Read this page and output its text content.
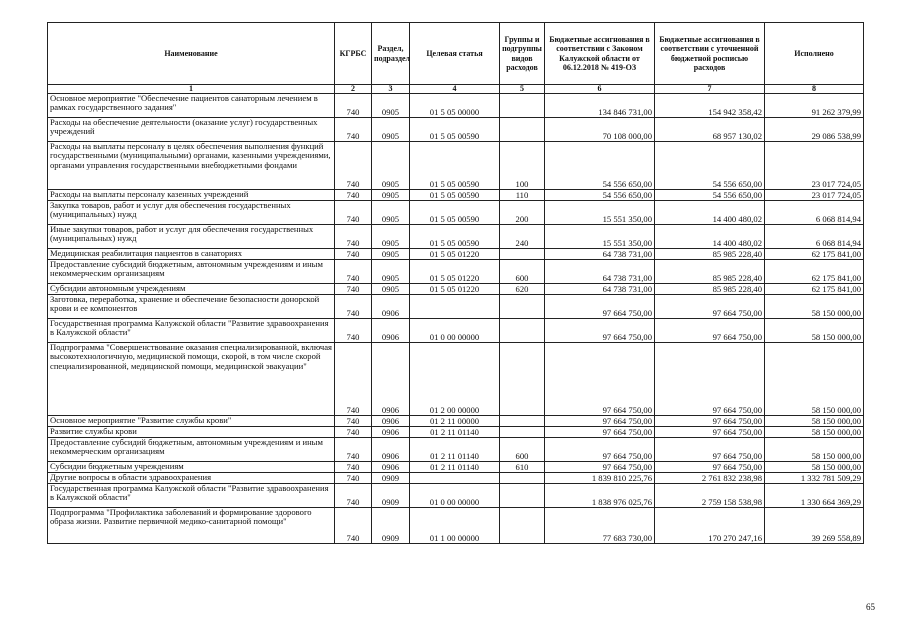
Наименование	КГРБС	Раздел, подраздел	Целевая статья	Группы и подгруппы видов расходов	Бюджетные ассигнования в соответствии с Законом Калужской области от 06.12.2018 № 419-ОЗ	Бюджетные ассигнования в соответствии с уточненной бюджетной росписью расходов	Исполнено
1	2	3	4	5	6	7	8
Основное мероприятие "Обеспечение пациентов санаторным лечением в рамках государственного задания"	740	0905	01 5 05 00000		134 846 731,00	154 942 358,42	91 262 379,99
Расходы на обеспечение деятельности (оказание услуг) государственных учреждений	740	0905	01 5 05 00590		70 108 000,00	68 957 130,02	29 086 538,99
Расходы на выплаты персоналу в целях обеспечения выполнения функций государственными (муниципальными) органами, казенными учреждениями, органами управления государственными внебюджетными фондами	740	0905	01 5 05 00590	100	54 556 650,00	54 556 650,00	23 017 724,05
Расходы на выплаты персоналу казенных учреждений	740	0905	01 5 05 00590	110	54 556 650,00	54 556 650,00	23 017 724,05
Закупка товаров, работ и услуг для обеспечения государственных (муниципальных) нужд	740	0905	01 5 05 00590	200	15 551 350,00	14 400 480,02	6 068 814,94
Иные закупки товаров, работ и услуг для обеспечения государственных (муниципальных) нужд	740	0905	01 5 05 00590	240	15 551 350,00	14 400 480,02	6 068 814,94
Медицинская реабилитация пациентов в санаториях	740	0905	01 5 05 01220		64 738 731,00	85 985 228,40	62 175 841,00
Предоставление субсидий бюджетным, автономным учреждениям и иным некоммерческим организациям	740	0905	01 5 05 01220	600	64 738 731,00	85 985 228,40	62 175 841,00
Субсидии автономным учреждениям	740	0905	01 5 05 01220	620	64 738 731,00	85 985 228,40	62 175 841,00
Заготовка, переработка, хранение и обеспечение безопасности донорской крови и ее компонентов	740	0906			97 664 750,00	97 664 750,00	58 150 000,00
Государственная программа Калужской области "Развитие здравоохранения в Калужской области"	740	0906	01 0 00 00000		97 664 750,00	97 664 750,00	58 150 000,00
Подпрограмма "Совершенствование оказания специализированной, включая высокотехнологичную, медицинской помощи, скорой, в том числе скорой специализированной, медицинской помощи, медицинской эвакуации"	740	0906	01 2 00 00000		97 664 750,00	97 664 750,00	58 150 000,00
Основное мероприятие "Развитие службы крови"	740	0906	01 2 11 00000		97 664 750,00	97 664 750,00	58 150 000,00
Развитие службы крови	740	0906	01 2 11 01140		97 664 750,00	97 664 750,00	58 150 000,00
Предоставление субсидий бюджетным, автономным учреждениям и иным некоммерческим организациям	740	0906	01 2 11 01140	600	97 664 750,00	97 664 750,00	58 150 000,00
Субсидии бюджетным учреждениям	740	0906	01 2 11 01140	610	97 664 750,00	97 664 750,00	58 150 000,00
Другие вопросы в области здравоохранения	740	0909			1 839 810 225,76	2 761 832 238,98	1 332 781 509,29
Государственная программа Калужской области "Развитие здравоохранения в Калужской области"	740	0909	01 0 00 00000		1 838 976 025,76	2 759 158 538,98	1 330 664 369,29
Подпрограмма "Профилактика заболеваний и формирование здорового образа жизни. Развитие первичной медико-санитарной помощи"	740	0909	01 1 00 00000		77 683 730,00	170 270 247,16	39 269 558,89
65
